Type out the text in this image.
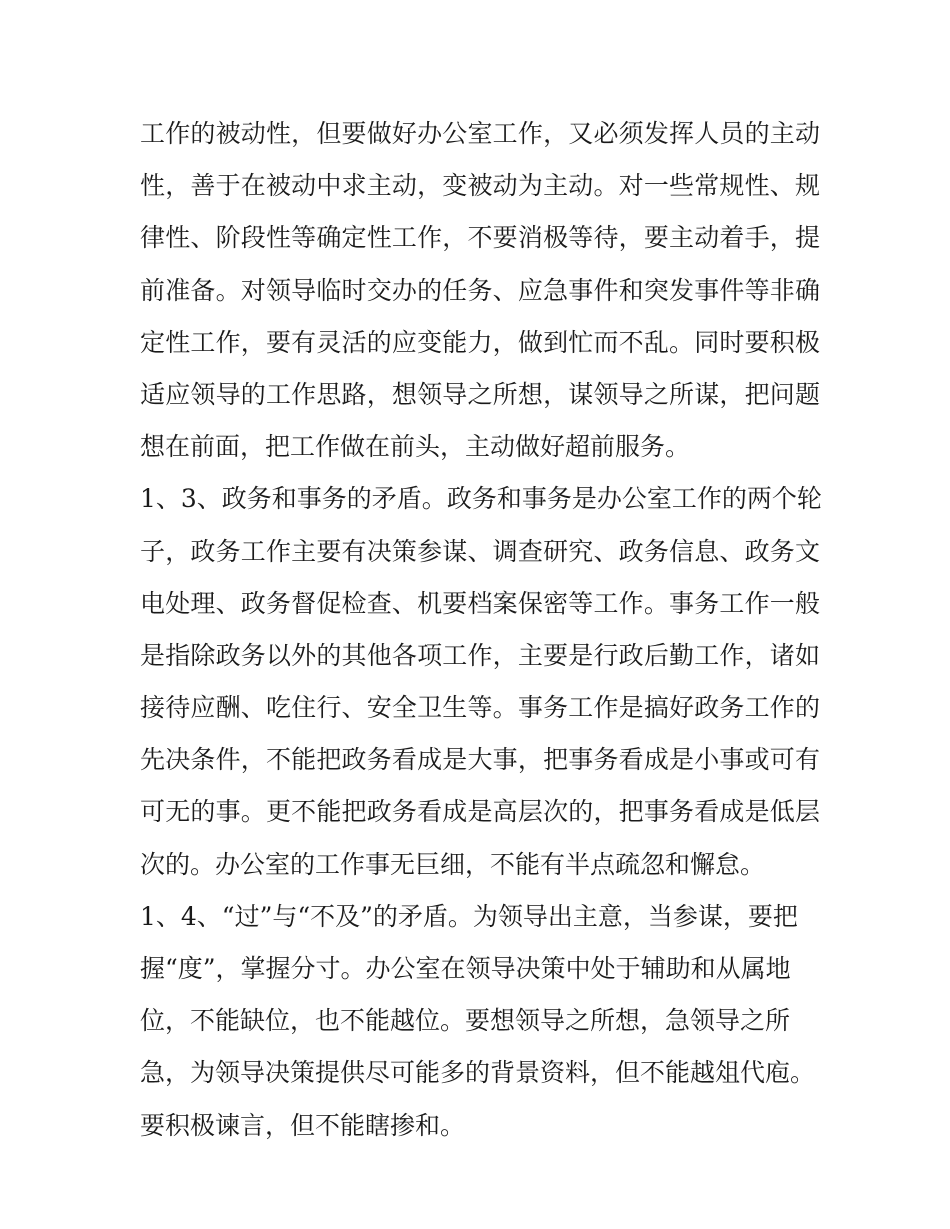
工作的被动性，但要做好办公室工作，又必须发挥人员的主动
性，善于在被动中求主动，变被动为主动。对一些常规性、规
律性、阶段性等确定性工作，不要消极等待，要主动着手，提
前准备。对领导临时交办的任务、应急事件和突发事件等非确
定性工作，要有灵活的应变能力，做到忙而不乱。同时要积极
适应领导的工作思路，想领导之所想，谋领导之所谋，把问题
想在前面，把工作做在前头，主动做好超前服务。
1、3、政务和事务的矛盾。政务和事务是办公室工作的两个轮
子，政务工作主要有决策参谋、调查研究、政务信息、政务文
电处理、政务督促检查、机要档案保密等工作。事务工作一般
是指除政务以外的其他各项工作，主要是行政后勤工作，诸如
接待应酬、吃住行、安全卫生等。事务工作是搞好政务工作的
先决条件，不能把政务看成是大事，把事务看成是小事或可有
可无的事。更不能把政务看成是高层次的，把事务看成是低层
次的。办公室的工作事无巨细，不能有半点疏忽和懈怠。
1、4、“过”与“不及”的矛盾。为领导出主意，当参谋，要把
握“度”，掌握分寸。办公室在领导决策中处于辅助和从属地
位，不能缺位，也不能越位。要想领导之所想，急领导之所
急，为领导决策提供尽可能多的背景资料，但不能越俎代庖。
要积极谏言，但不能瞎掺和。
